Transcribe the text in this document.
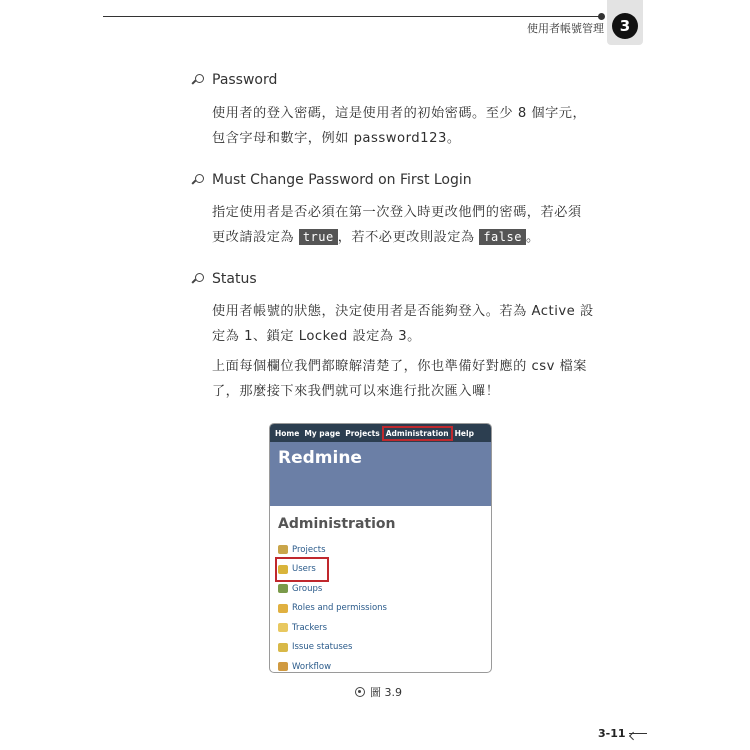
使用者帳號管理	3
Password
使用者的登入密碼，這是使用者的初始密碼。至少 8 個字元，
包含字母和數字，例如 password123。
Must Change Password on First Login
指定使用者是否必須在第一次登入時更改他們的密碼，若必須
更改請設定為 true ，若不必更改則設定為 false 。
Status
使用者帳號的狀態，決定使用者是否能夠登入。若為 Active 設
定為 1、鎖定 Locked 設定為 3。
上面每個欄位我們都瞭解清楚了，你也準備好對應的 csv 檔案
了，那麼接下來我們就可以來進行批次匯入囉！
Home My page Projects Administration Help
Redmine
Administration
Projects
Users
Groups
Roles and permissions
Trackers
Issue statuses
Workflow
圖 3.9
3-11
